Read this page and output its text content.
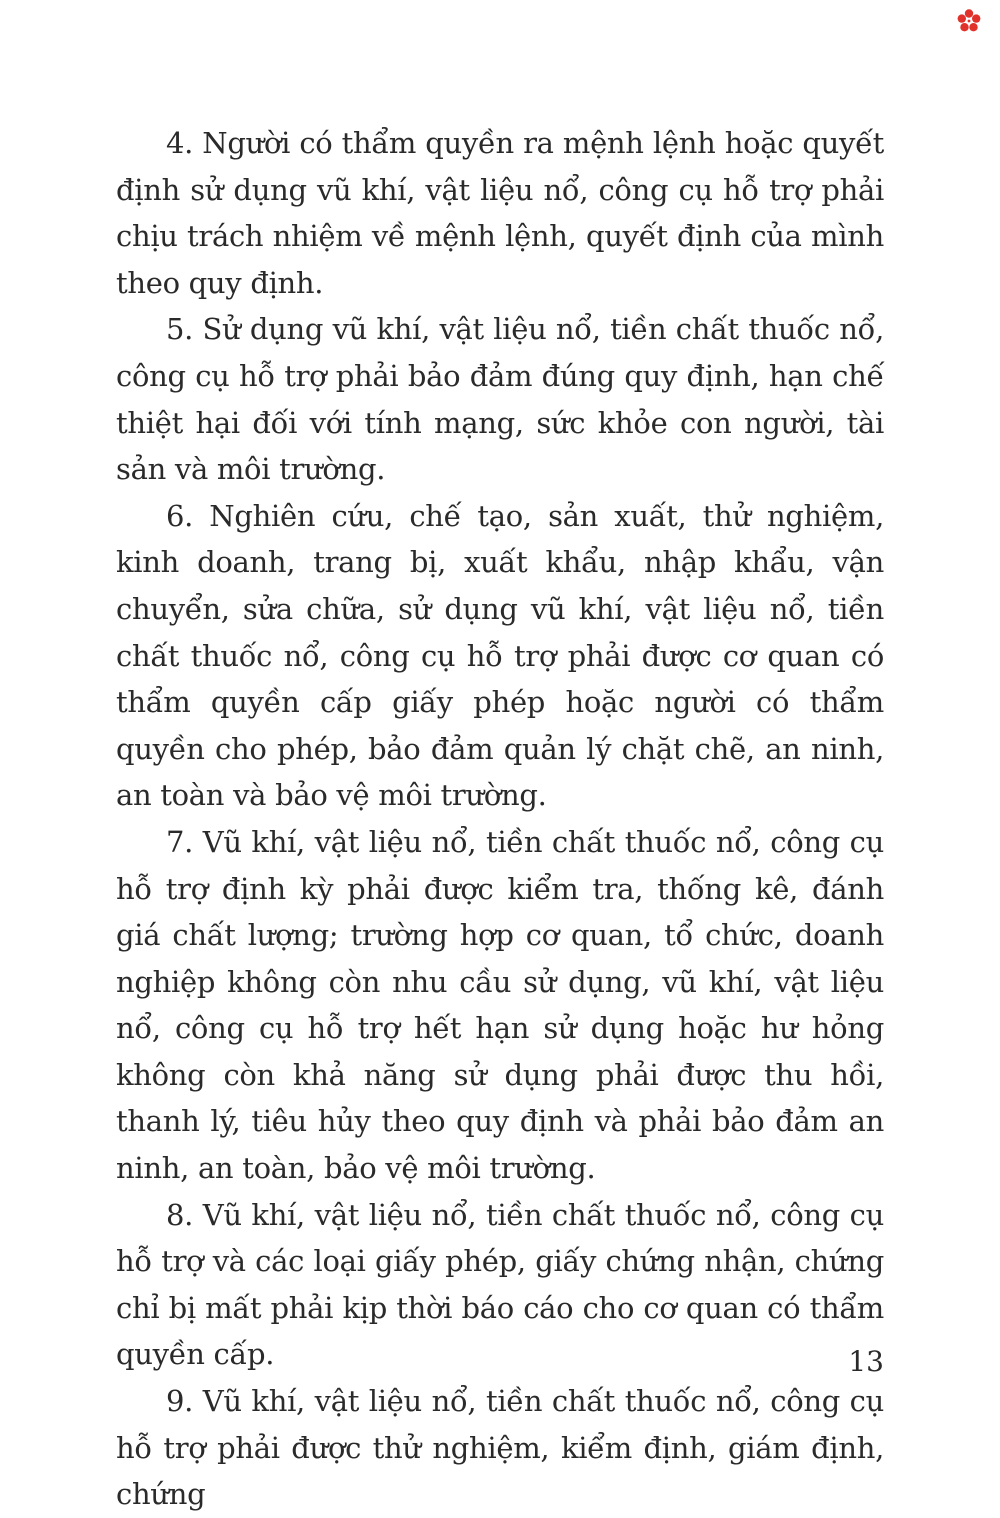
4. Người có thẩm quyền ra mệnh lệnh hoặc quyết định sử dụng vũ khí, vật liệu nổ, công cụ hỗ trợ phải chịu trách nhiệm về mệnh lệnh, quyết định của mình theo quy định.

5. Sử dụng vũ khí, vật liệu nổ, tiền chất thuốc nổ, công cụ hỗ trợ phải bảo đảm đúng quy định, hạn chế thiệt hại đối với tính mạng, sức khỏe con người, tài sản và môi trường.

6. Nghiên cứu, chế tạo, sản xuất, thử nghiệm, kinh doanh, trang bị, xuất khẩu, nhập khẩu, vận chuyển, sửa chữa, sử dụng vũ khí, vật liệu nổ, tiền chất thuốc nổ, công cụ hỗ trợ phải được cơ quan có thẩm quyền cấp giấy phép hoặc người có thẩm quyền cho phép, bảo đảm quản lý chặt chẽ, an ninh, an toàn và bảo vệ môi trường.

7. Vũ khí, vật liệu nổ, tiền chất thuốc nổ, công cụ hỗ trợ định kỳ phải được kiểm tra, thống kê, đánh giá chất lượng; trường hợp cơ quan, tổ chức, doanh nghiệp không còn nhu cầu sử dụng, vũ khí, vật liệu nổ, công cụ hỗ trợ hết hạn sử dụng hoặc hư hỏng không còn khả năng sử dụng phải được thu hồi, thanh lý, tiêu hủy theo quy định và phải bảo đảm an ninh, an toàn, bảo vệ môi trường.

8. Vũ khí, vật liệu nổ, tiền chất thuốc nổ, công cụ hỗ trợ và các loại giấy phép, giấy chứng nhận, chứng chỉ bị mất phải kịp thời báo cáo cho cơ quan có thẩm quyền cấp.

9. Vũ khí, vật liệu nổ, tiền chất thuốc nổ, công cụ hỗ trợ phải được thử nghiệm, kiểm định, giám định, chứng

13
